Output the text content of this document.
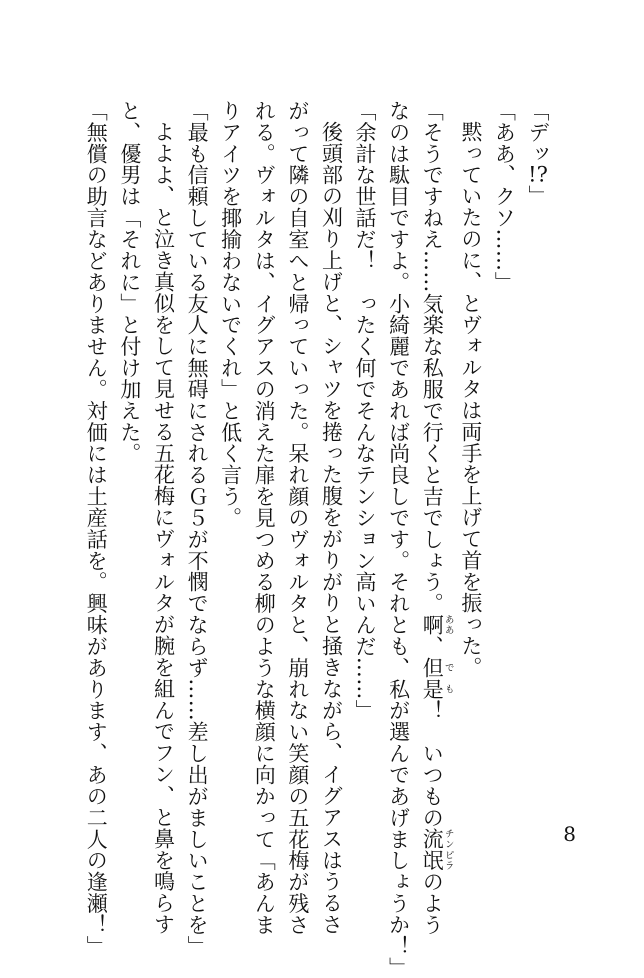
「デッ!?」
「ああ、クソ……」
黙っていたのに、とヴォルタは両手を上げて首を振った。
「そうですねえ……気楽な私服で行くと吉でしょう。啊ああ、但是でも！　いつもの流氓チンピラのよう
なのは駄目ですよ。小綺麗であれば尚良しです。それとも、私が選んであげましょうか！」
「余計な世話だ！　ったく何でそんなテンション高いんだ……」
後頭部の刈り上げと、シャツを捲った腹をがりがりと掻きながら、イグアスはうるさ
がって隣の自室へと帰っていった。呆れ顔のヴォルタと、崩れない笑顔の五花梅が残さ
れる。ヴォルタは、イグアスの消えた扉を見つめる柳のような横顔に向かって「あんま
りアイツを揶揄わないでくれ」と低く言う。
「最も信頼している友人に無碍にされるＧ５が不憫でならず……差し出がましいことを」
よよよ、と泣き真似をして見せる五花梅にヴォルタが腕を組んでフン、と鼻を鳴らす
と、優男は「それに」と付け加えた。
「無償の助言などありません。対価には土産話を。興味があります、あの二人の逢瀬！」	8
